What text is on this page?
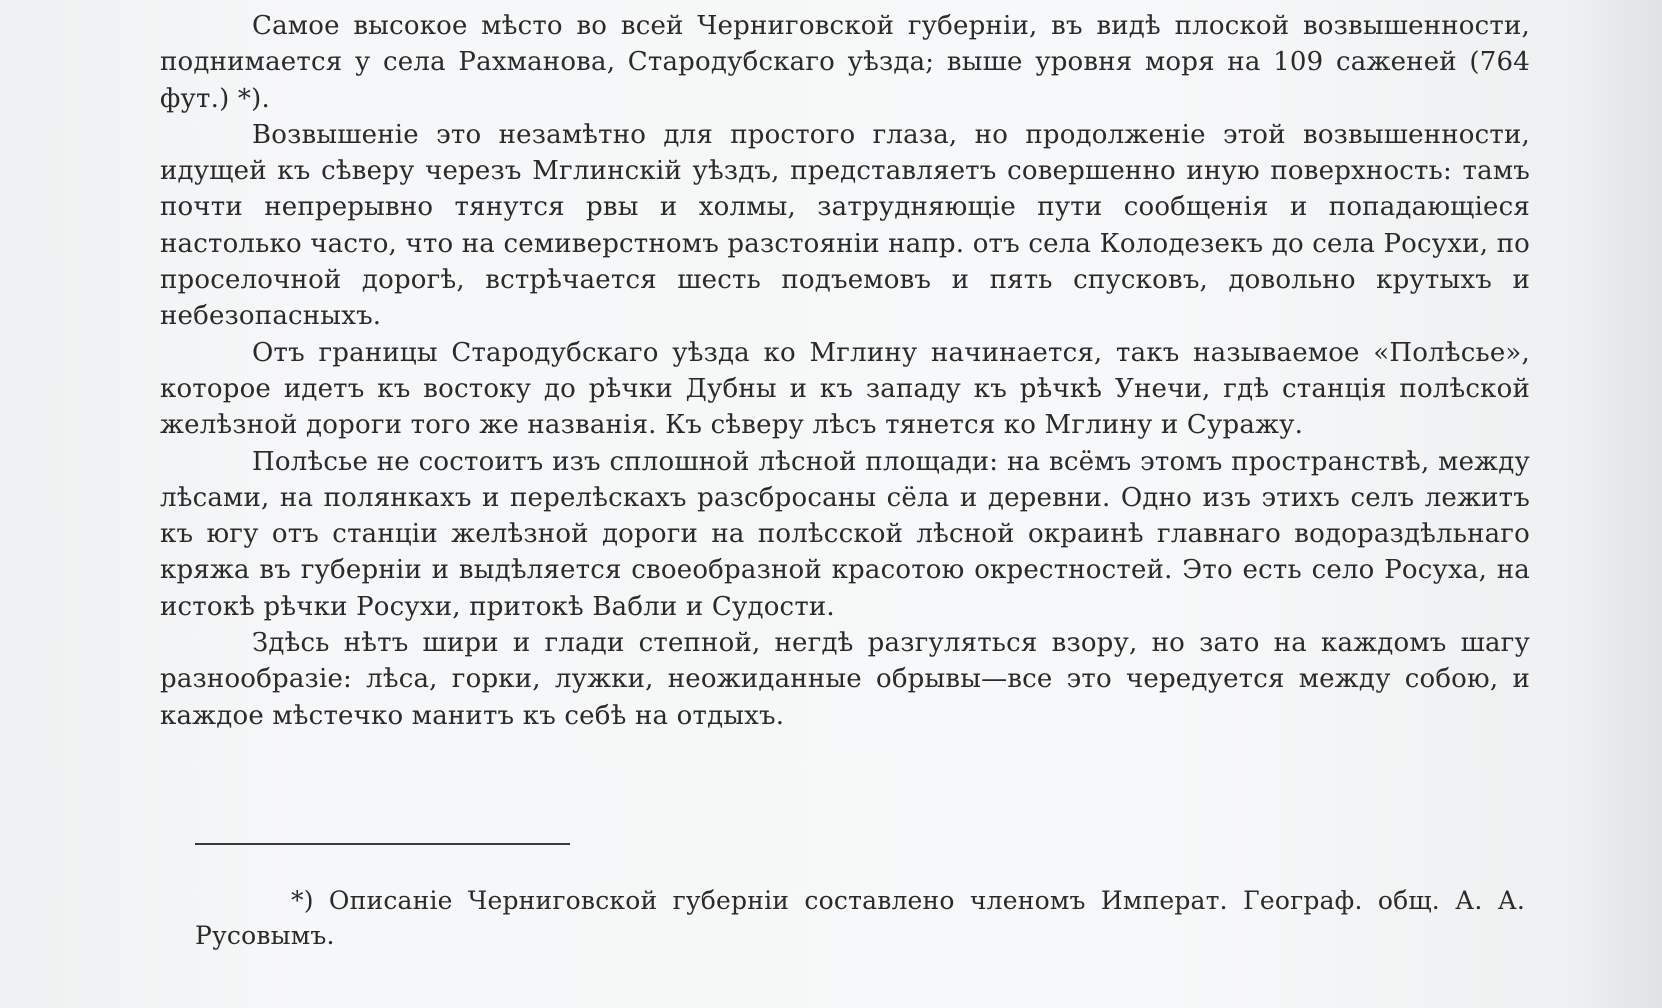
Самое высокое мѣсто во всей Черниговской губерніи, въ видѣ плоской возвышенности, поднимается у села Рахманова, Стародубскаго уѣзда; выше уровня моря на 109 саженей (764 фут.) *).

Возвышеніе это незамѣтно для простого глаза, но продолженіе этой возвышенности, идущей къ сѣверу черезъ Мглинскій уѣздъ, представляетъ совершенно иную поверхность: тамъ почти непрерывно тянутся рвы и холмы, затрудняющіе пути сообщенія и попадающіеся настолько часто, что на семиверстномъ разстояніи напр. отъ села Колодезекъ до села Росухи, по проселочной дорогѣ, встрѣчается шесть подъемовъ и пять спусковъ, довольно крутыхъ и небезопасныхъ.

Отъ границы Стародубскаго уѣзда ко Мглину начинается, такъ называемое «Полѣсье», которое идетъ къ востоку до рѣчки Дубны и къ западу къ рѣчкѣ Унечи, гдѣ станція полѣской желѣзной дороги того же названія. Къ сѣверу лѣсъ тянется ко Мглину и Суражу.

Полѣсье не состоитъ изъ сплошной лѣсной площади: на всёмъ этомъ пространствѣ, между лѣсами, на полянкахъ и перелѣскахъ разсбросаны сёла и деревни. Одно изъ этихъ селъ лежитъ къ югу отъ станціи желѣзной дороги на полѣсской лѣсной окраинѣ главнаго водораздѣльнаго кряжа въ губерніи и выдѣляется своеобразной красотою окрестностей. Это есть село Росуха, на истокѣ рѣчки Росухи, притокѣ Вабли и Судости.

Здѣсь нѣтъ шири и глади степной, негдѣ разгуляться взору, но зато на каждомъ шагу разнообразіе: лѣса, горки, лужки, неожиданные обрывы—все это чередуется между собою, и каждое мѣстечко манитъ къ себѣ на отдыхъ.

*) Описаніе Черниговской губерніи составлено членомъ Императ. Географ. общ. А. А. Русовымъ.
